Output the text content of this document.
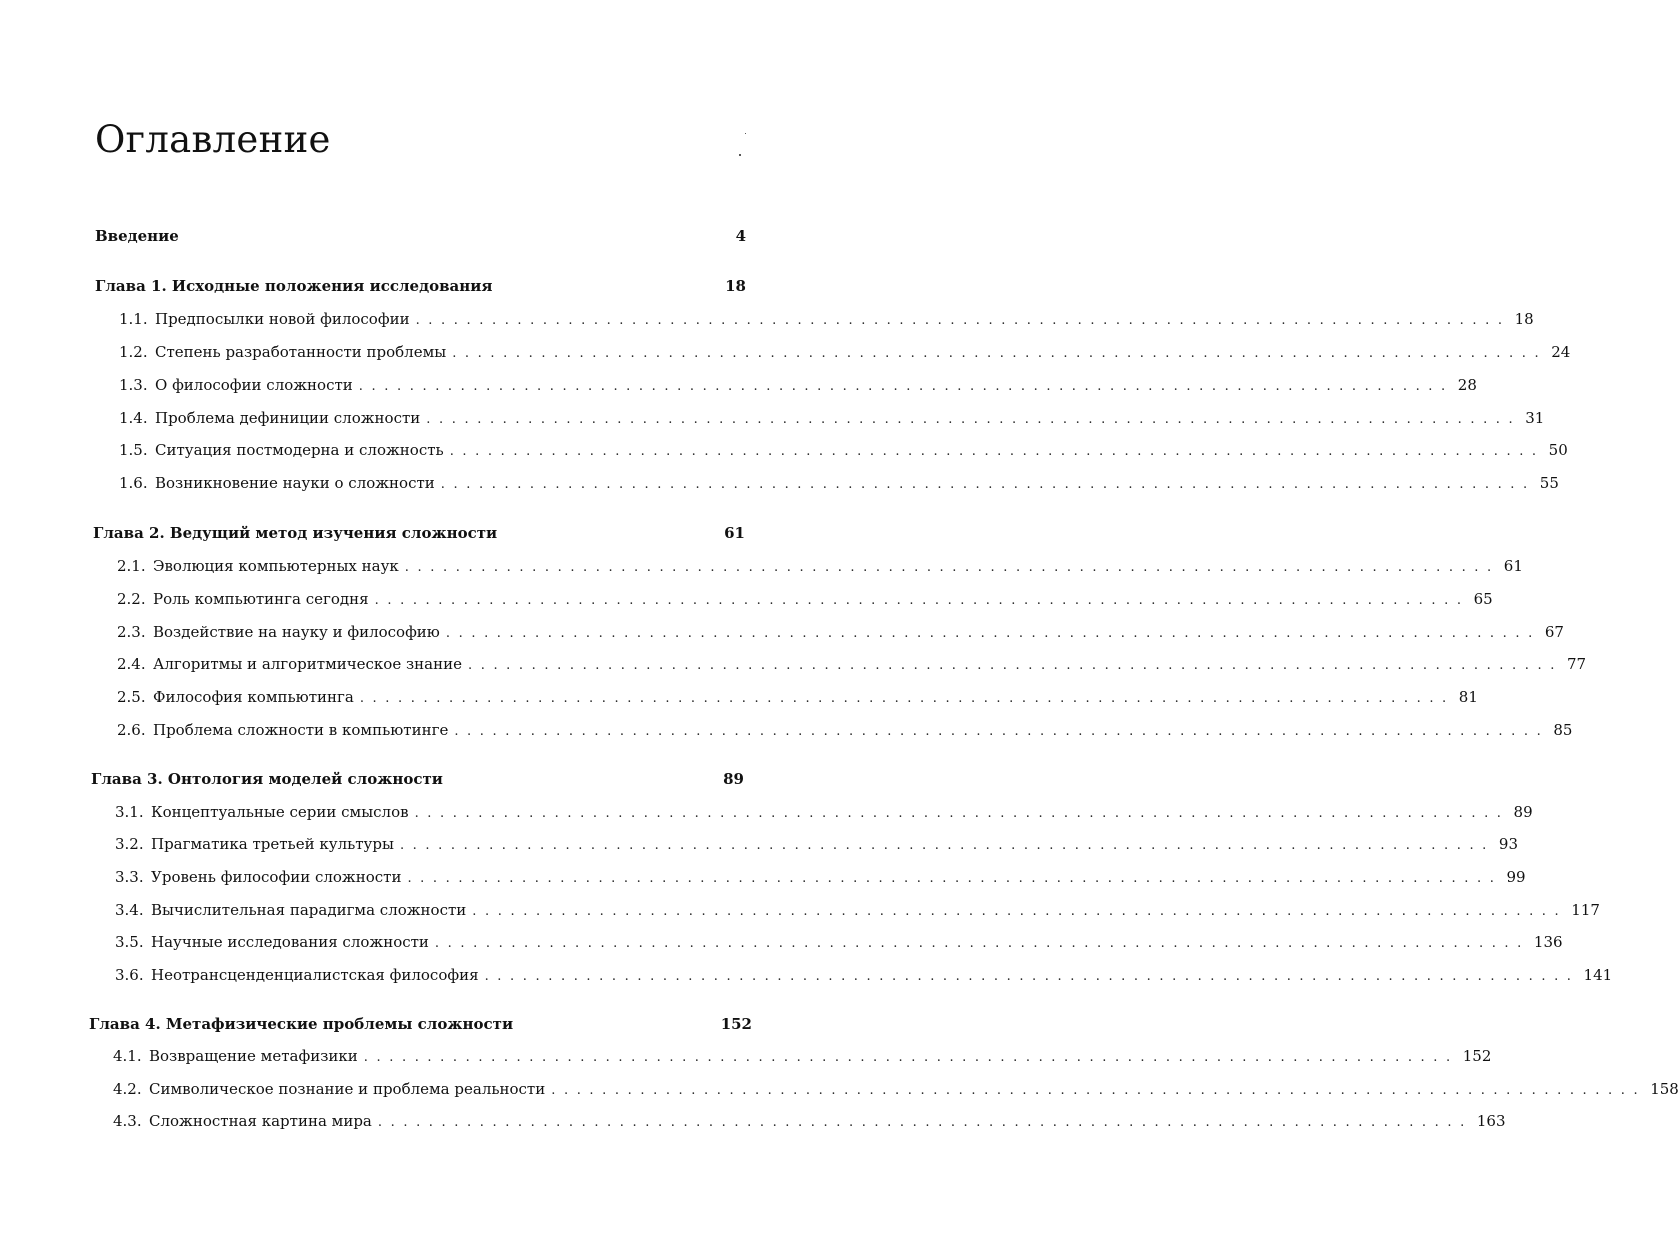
Оглавление
Введение	4
Глава 1. Исходные положения исследования	18
1.1. Предпосылки новой философии ...................................................................................... 18
1.2. Степень разработанности проблемы ...................................................................................... 24
1.3. О философии сложности ...................................................................................... 28
1.4. Проблема дефиниции сложности ...................................................................................... 31
1.5. Ситуация постмодерна и сложность ...................................................................................... 50
1.6. Возникновение науки о сложности ...................................................................................... 55
Глава 2. Ведущий метод изучения сложности	61
2.1. Эволюция компьютерных наук ...................................................................................... 61
2.2. Роль компьютинга сегодня ...................................................................................... 65
2.3. Воздействие на науку и философию ...................................................................................... 67
2.4. Алгоритмы и алгоритмическое знание ...................................................................................... 77
2.5. Философия компьютинга ...................................................................................... 81
2.6. Проблема сложности в компьютинге ...................................................................................... 85
Глава 3. Онтология моделей сложности	89
3.1. Концептуальные серии смыслов ...................................................................................... 89
3.2. Прагматика третьей культуры ...................................................................................... 93
3.3. Уровень философии сложности ...................................................................................... 99
3.4. Вычислительная парадигма сложности ...................................................................................... 117
3.5. Научные исследования сложности ...................................................................................... 136
3.6. Неотрансценденциалистская философия ...................................................................................... 141
Глава 4. Метафизические проблемы сложности	152
4.1. Возвращение метафизики ...................................................................................... 152
4.2. Символическое познание и проблема реальности ...................................................................................... 158
4.3. Сложностная картина мира ...................................................................................... 163
